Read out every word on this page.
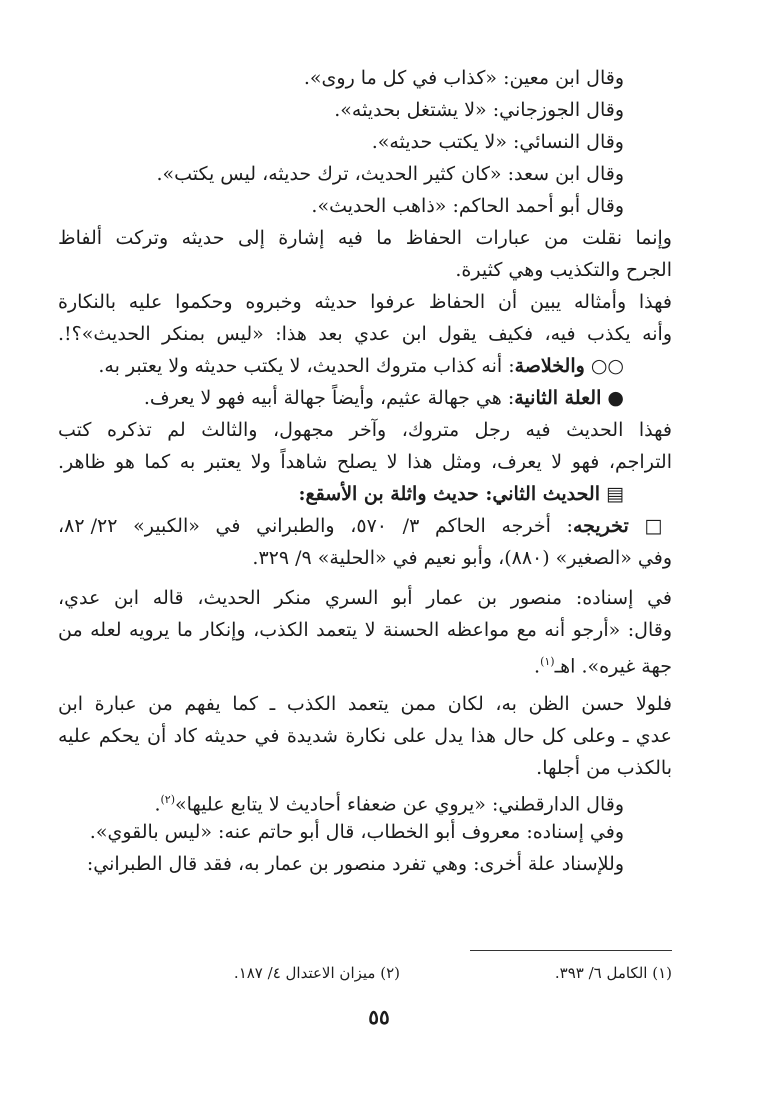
وقال ابن معين: «كذاب في كل ما روى».
وقال الجوزجاني: «لا يشتغل بحديثه».
وقال النسائي: «لا يكتب حديثه».
وقال ابن سعد: «كان كثير الحديث، ترك حديثه، ليس يكتب».
وقال أبو أحمد الحاكم: «ذاهب الحديث».
وإنما نقلت من عبارات الحفاظ ما فيه إشارة إلى حديثه وتركت ألفاظ
الجرح والتكذيب وهي كثيرة.
فهذا وأمثاله يبين أن الحفاظ عرفوا حديثه وخبروه وحكموا عليه بالنكارة
وأنه يكذب فيه، فكيف يقول ابن عدي بعد هذا: «ليس بمنكر الحديث»؟!.
○○ والخلاصة: أنه كذاب متروك الحديث، لا يكتب حديثه ولا يعتبر به.
● العلة الثانية: هي جهالة عثيم، وأيضاً جهالة أبيه فهو لا يعرف.
فهذا الحديث فيه رجل متروك، وآخر مجهول، والثالث لم تذكره كتب
التراجم، فهو لا يعرف، ومثل هذا لا يصلح شاهداً ولا يعتبر به كما هو ظاهر.
▤ الحديث الثاني: حديث واثلة بن الأسقع:
□ تخريجه: أخرجه الحاكم ٣/ ٥٧٠، والطبراني في «الكبير» ٢٢/ ٨٢،
وفي «الصغير» (٨٨٠)، وأبو نعيم في «الحلية» ٩/ ٣٢٩.
في إسناده: منصور بن عمار أبو السري منكر الحديث، قاله ابن عدي،
وقال: «أرجو أنه مع مواعظه الحسنة لا يتعمد الكذب، وإنكار ما يرويه لعله من
جهة غيره». اهـ$^{(١)}$.
فلولا حسن الظن به، لكان ممن يتعمد الكذب ـ كما يفهم من عبارة ابن
عدي ـ وعلى كل حال هذا يدل على نكارة شديدة في حديثه كاد أن يحكم عليه
بالكذب من أجلها.
وقال الدارقطني: «يروي عن ضعفاء أحاديث لا يتابع عليها»$^{(٢)}$.
وفي إسناده: معروف أبو الخطاب، قال أبو حاتم عنه: «ليس بالقوي».
وللإسناد علة أخرى: وهي تفرد منصور بن عمار به، فقد قال الطبراني:
(١) الكامل ٦/ ٣٩٣.
(٢) ميزان الاعتدال ٤/ ١٨٧.
٥٥
